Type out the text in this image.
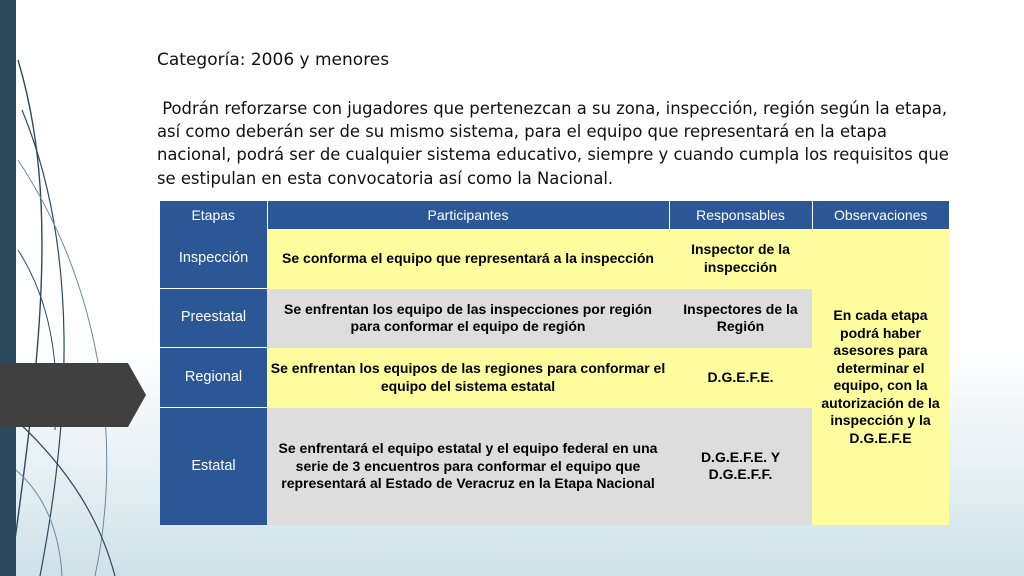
Categoría: 2006 y menores

Podrán reforzarse con jugadores que pertenezcan a su zona, inspección, región según la etapa, así como deberán ser de su mismo sistema, para el equipo que representará en la etapa nacional, podrá ser de cualquier sistema educativo, siempre y cuando cumpla los requisitos que se estipulan en esta convocatoria así como la Nacional.

Etapas	Participantes	Responsables	Observaciones
Inspección	Se conforma el equipo que representará a la inspección	Inspector de la inspección	En cada etapa podrá haber asesores para determinar el equipo, con la autorización de la inspección y la D.G.E.F.E
Preestatal	Se enfrentan los equipo de las inspecciones por región para conformar el equipo de región	Inspectores de la Región	
Regional	Se enfrentan los equipos de las regiones para conformar el equipo del sistema estatal	D.G.E.F.E.	
Estatal	Se enfrentará el equipo estatal y el equipo federal en una serie de 3 encuentros para conformar el equipo que representará al Estado de Veracruz en la Etapa Nacional	D.G.E.F.E. Y D.G.E.F.F.	
